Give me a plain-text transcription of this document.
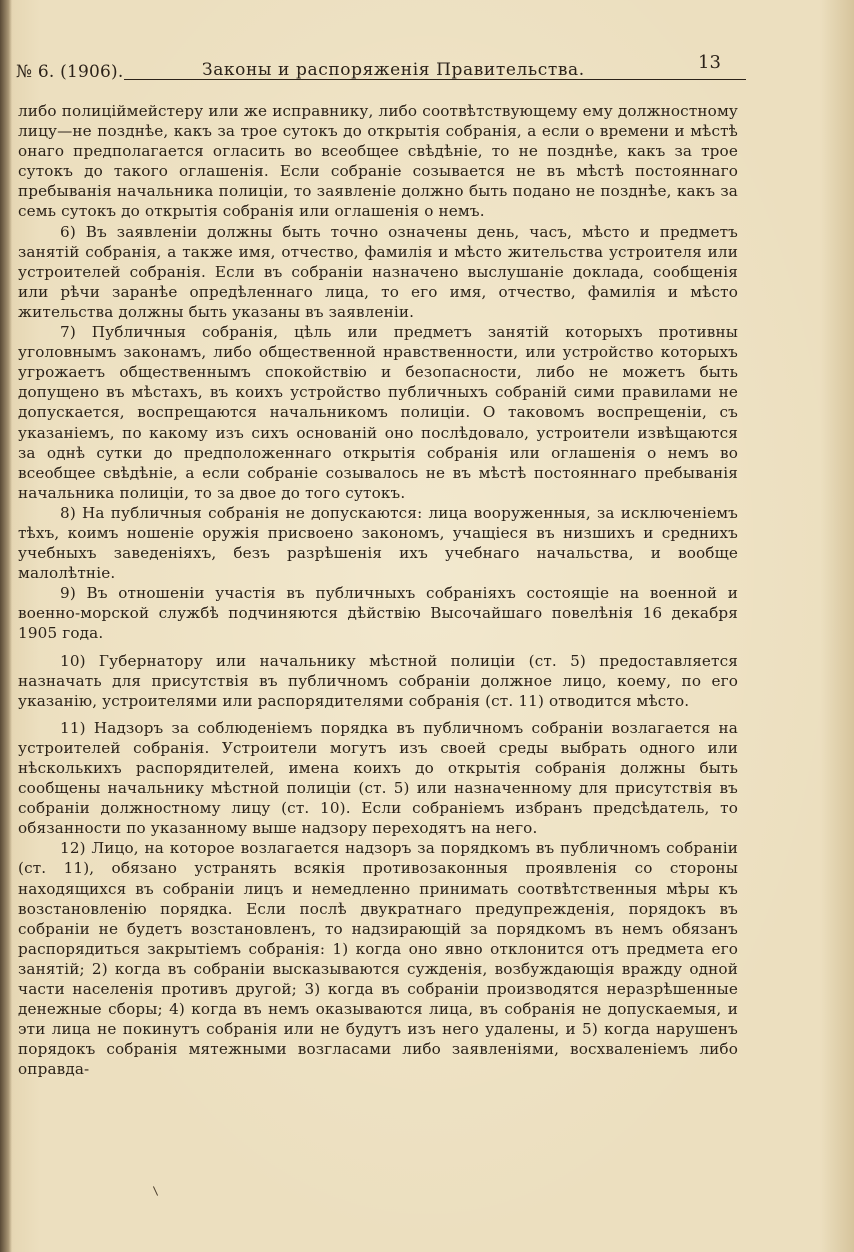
№ 6. (1906).	Законы и распоряженія Правительства.	13

либо полиціймейстеру или же исправнику, либо соотвѣтствующему ему должностному лицу—не позднѣе, какъ за трое сутокъ до открытія собранія, а если о времени и мѣстѣ онаго предполагается огласить во всеобщее свѣдѣніе, то не позднѣе, какъ за трое сутокъ до такого оглашенія. Если собраніе созывается не въ мѣстѣ постояннаго пребыванія начальника полиціи, то заявленіе должно быть подано не позднѣе, какъ за семь сутокъ до открытія собранія или оглашенія о немъ.

6) Въ заявленіи должны быть точно означены день, часъ, мѣсто и предметъ занятій собранія, а также имя, отчество, фамилія и мѣсто жительства устроителя или устроителей собранія. Если въ собраніи назначено выслушаніе доклада, сообщенія или рѣчи заранѣе опредѣленнаго лица, то его имя, отчество, фамилія и мѣсто жительства должны быть указаны въ заявленіи.

7) Публичныя собранія, цѣль или предметъ занятій которыхъ противны уголовнымъ законамъ, либо общественной нравственности, или устройство которыхъ угрожаетъ общественнымъ спокойствію и безопасности, либо не можетъ быть допущено въ мѣстахъ, въ коихъ устройство публичныхъ собраній сими правилами не допускается, воспрещаются начальникомъ полиціи. О таковомъ воспрещеніи, съ указаніемъ, по какому изъ сихъ основаній оно послѣдовало, устроители извѣщаются за однѣ сутки до предположеннаго открытія собранія или оглашенія о немъ во всеобщее свѣдѣніе, а если собраніе созывалось не въ мѣстѣ постояннаго пребыванія начальника полиціи, то за двое до того сутокъ.

8) На публичныя собранія не допускаются: лица вооруженныя, за исключеніемъ тѣхъ, коимъ ношеніе оружія присвоено закономъ, учащіеся въ низшихъ и среднихъ учебныхъ заведеніяхъ, безъ разрѣшенія ихъ учебнаго начальства, и вообще малолѣтніе.

9) Въ отношеніи участія въ публичныхъ собраніяхъ состоящіе на военной и военно-морской службѣ подчиняются дѣйствію Высочайшаго повелѣнія 16 декабря 1905 года.

10) Губернатору или начальнику мѣстной полиціи (ст. 5) предоставляется назначать для присутствія въ публичномъ собраніи должное лицо, коему, по его указанію, устроителями или распорядителями собранія (ст. 11) отводится мѣсто.

11) Надзоръ за соблюденіемъ порядка въ публичномъ собраніи возлагается на устроителей собранія. Устроители могутъ изъ своей среды выбрать одного или нѣсколькихъ распорядителей, имена коихъ до открытія собранія должны быть сообщены начальнику мѣстной полиціи (ст. 5) или назначенному для присутствія въ собраніи должностному лицу (ст. 10). Если собраніемъ избранъ предсѣдатель, то обязанности по указанному выше надзору переходятъ на него.

12) Лицо, на которое возлагается надзоръ за порядкомъ въ публичномъ собраніи (ст. 11), обязано устранять всякія противозаконныя проявленія со стороны находящихся въ собраніи лицъ и немедленно принимать соотвѣтственныя мѣры къ возстановленію порядка. Если послѣ двукратнаго предупрежденія, порядокъ въ собраніи не будетъ возстановленъ, то надзирающій за порядкомъ въ немъ обязанъ распорядиться закрытіемъ собранія: 1) когда оно явно отклонится отъ предмета его занятій; 2) когда въ собраніи высказываются сужденія, возбуждающія вражду одной части населенія противъ другой; 3) когда въ собраніи производятся неразрѣшенные денежные сборы; 4) когда въ немъ оказываются лица, въ собранія не допускаемыя, и эти лица не покинутъ собранія или не будутъ изъ него удалены, и 5) когда нарушенъ порядокъ собранія мятежными возгласами либо заявленіями, восхваленіемъ либо оправда-
